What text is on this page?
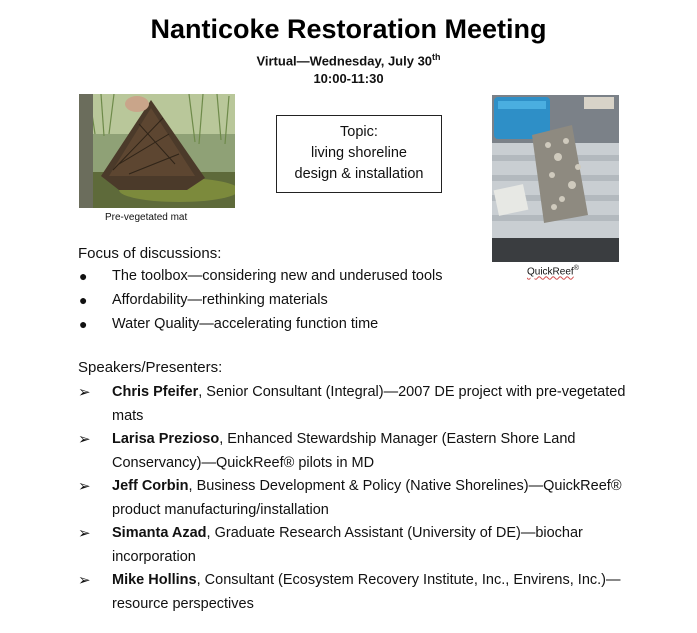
Nanticoke Restoration Meeting
Virtual—Wednesday, July 30th
10:00-11:30
Pre-vegetated mat
Topic:
living shoreline
design & installation
QuickReef®
Focus of discussions:
● The toolbox—considering new and underused tools
● Affordability—rethinking materials
● Water Quality—accelerating function time
Speakers/Presenters:
➢ Chris Pfeifer, Senior Consultant (Integral)—2007 DE project with pre-vegetated mats
➢ Larisa Prezioso, Enhanced Stewardship Manager (Eastern Shore Land Conservancy)—QuickReef® pilots in MD
➢ Jeff Corbin, Business Development & Policy (Native Shorelines)—QuickReef® product manufacturing/installation
➢ Simanta Azad, Graduate Research Assistant (University of DE)—biochar incorporation
➢ Mike Hollins, Consultant (Ecosystem Recovery Institute, Inc., Envirens, Inc.)—resource perspectives
